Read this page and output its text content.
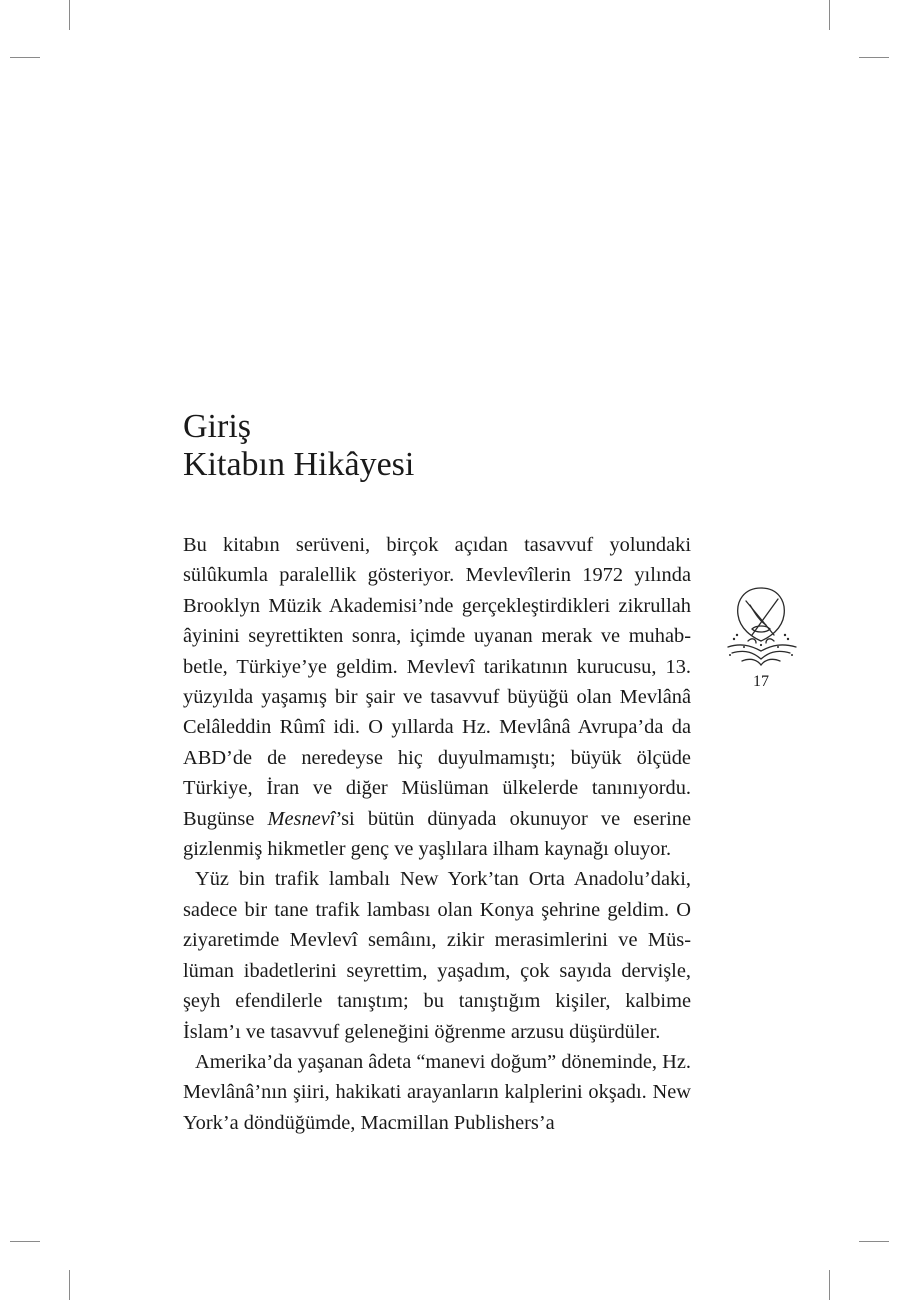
Giriş
Kitabın Hikâyesi

Bu kitabın serüveni, birçok açıdan tasavvuf yolundaki sülûkumla paralellik gösteriyor. Mevlevîlerin 1972 yılında Brooklyn Müzik Akademisi’nde gerçekleştirdikleri zikrullah âyinini seyrettikten sonra, içimde uyanan merak ve muhabbetle, Türkiye’ye geldim. Mevlevî tarikatının kurucusu, 13. yüzyılda yaşamış bir şair ve tasavvuf büyüğü olan Mevlânâ Celâleddin Rûmî idi. O yıllarda Hz. Mevlânâ Avrupa’da da ABD’de de neredeyse hiç duyulmamıştı; büyük ölçüde Türkiye, İran ve diğer Müslüman ülkelerde tanınıyordu. Bugünse Mesnevî’si bütün dünyada okunuyor ve eserine gizlenmiş hikmetler genç ve yaşlılara ilham kaynağı oluyor.

Yüz bin trafik lambalı New York’tan Orta Anadolu’daki, sadece bir tane trafik lambası olan Konya şehrine geldim. O ziyaretimde Mevlevî semâını, zikir merasimlerini ve Müslüman ibadetlerini seyrettim, yaşadım, çok sayıda dervişle, şeyh efendilerle tanıştım; bu tanıştığım kişiler, kalbime İslam’ı ve tasavvuf geleneğini öğrenme arzusu düşürdüler.

Amerika’da yaşanan âdeta “manevi doğum” döneminde, Hz. Mevlânâ’nın şiiri, hakikati arayanların kalplerini okşadı. New York’a döndüğümde, Macmillan Publishers’a

17
